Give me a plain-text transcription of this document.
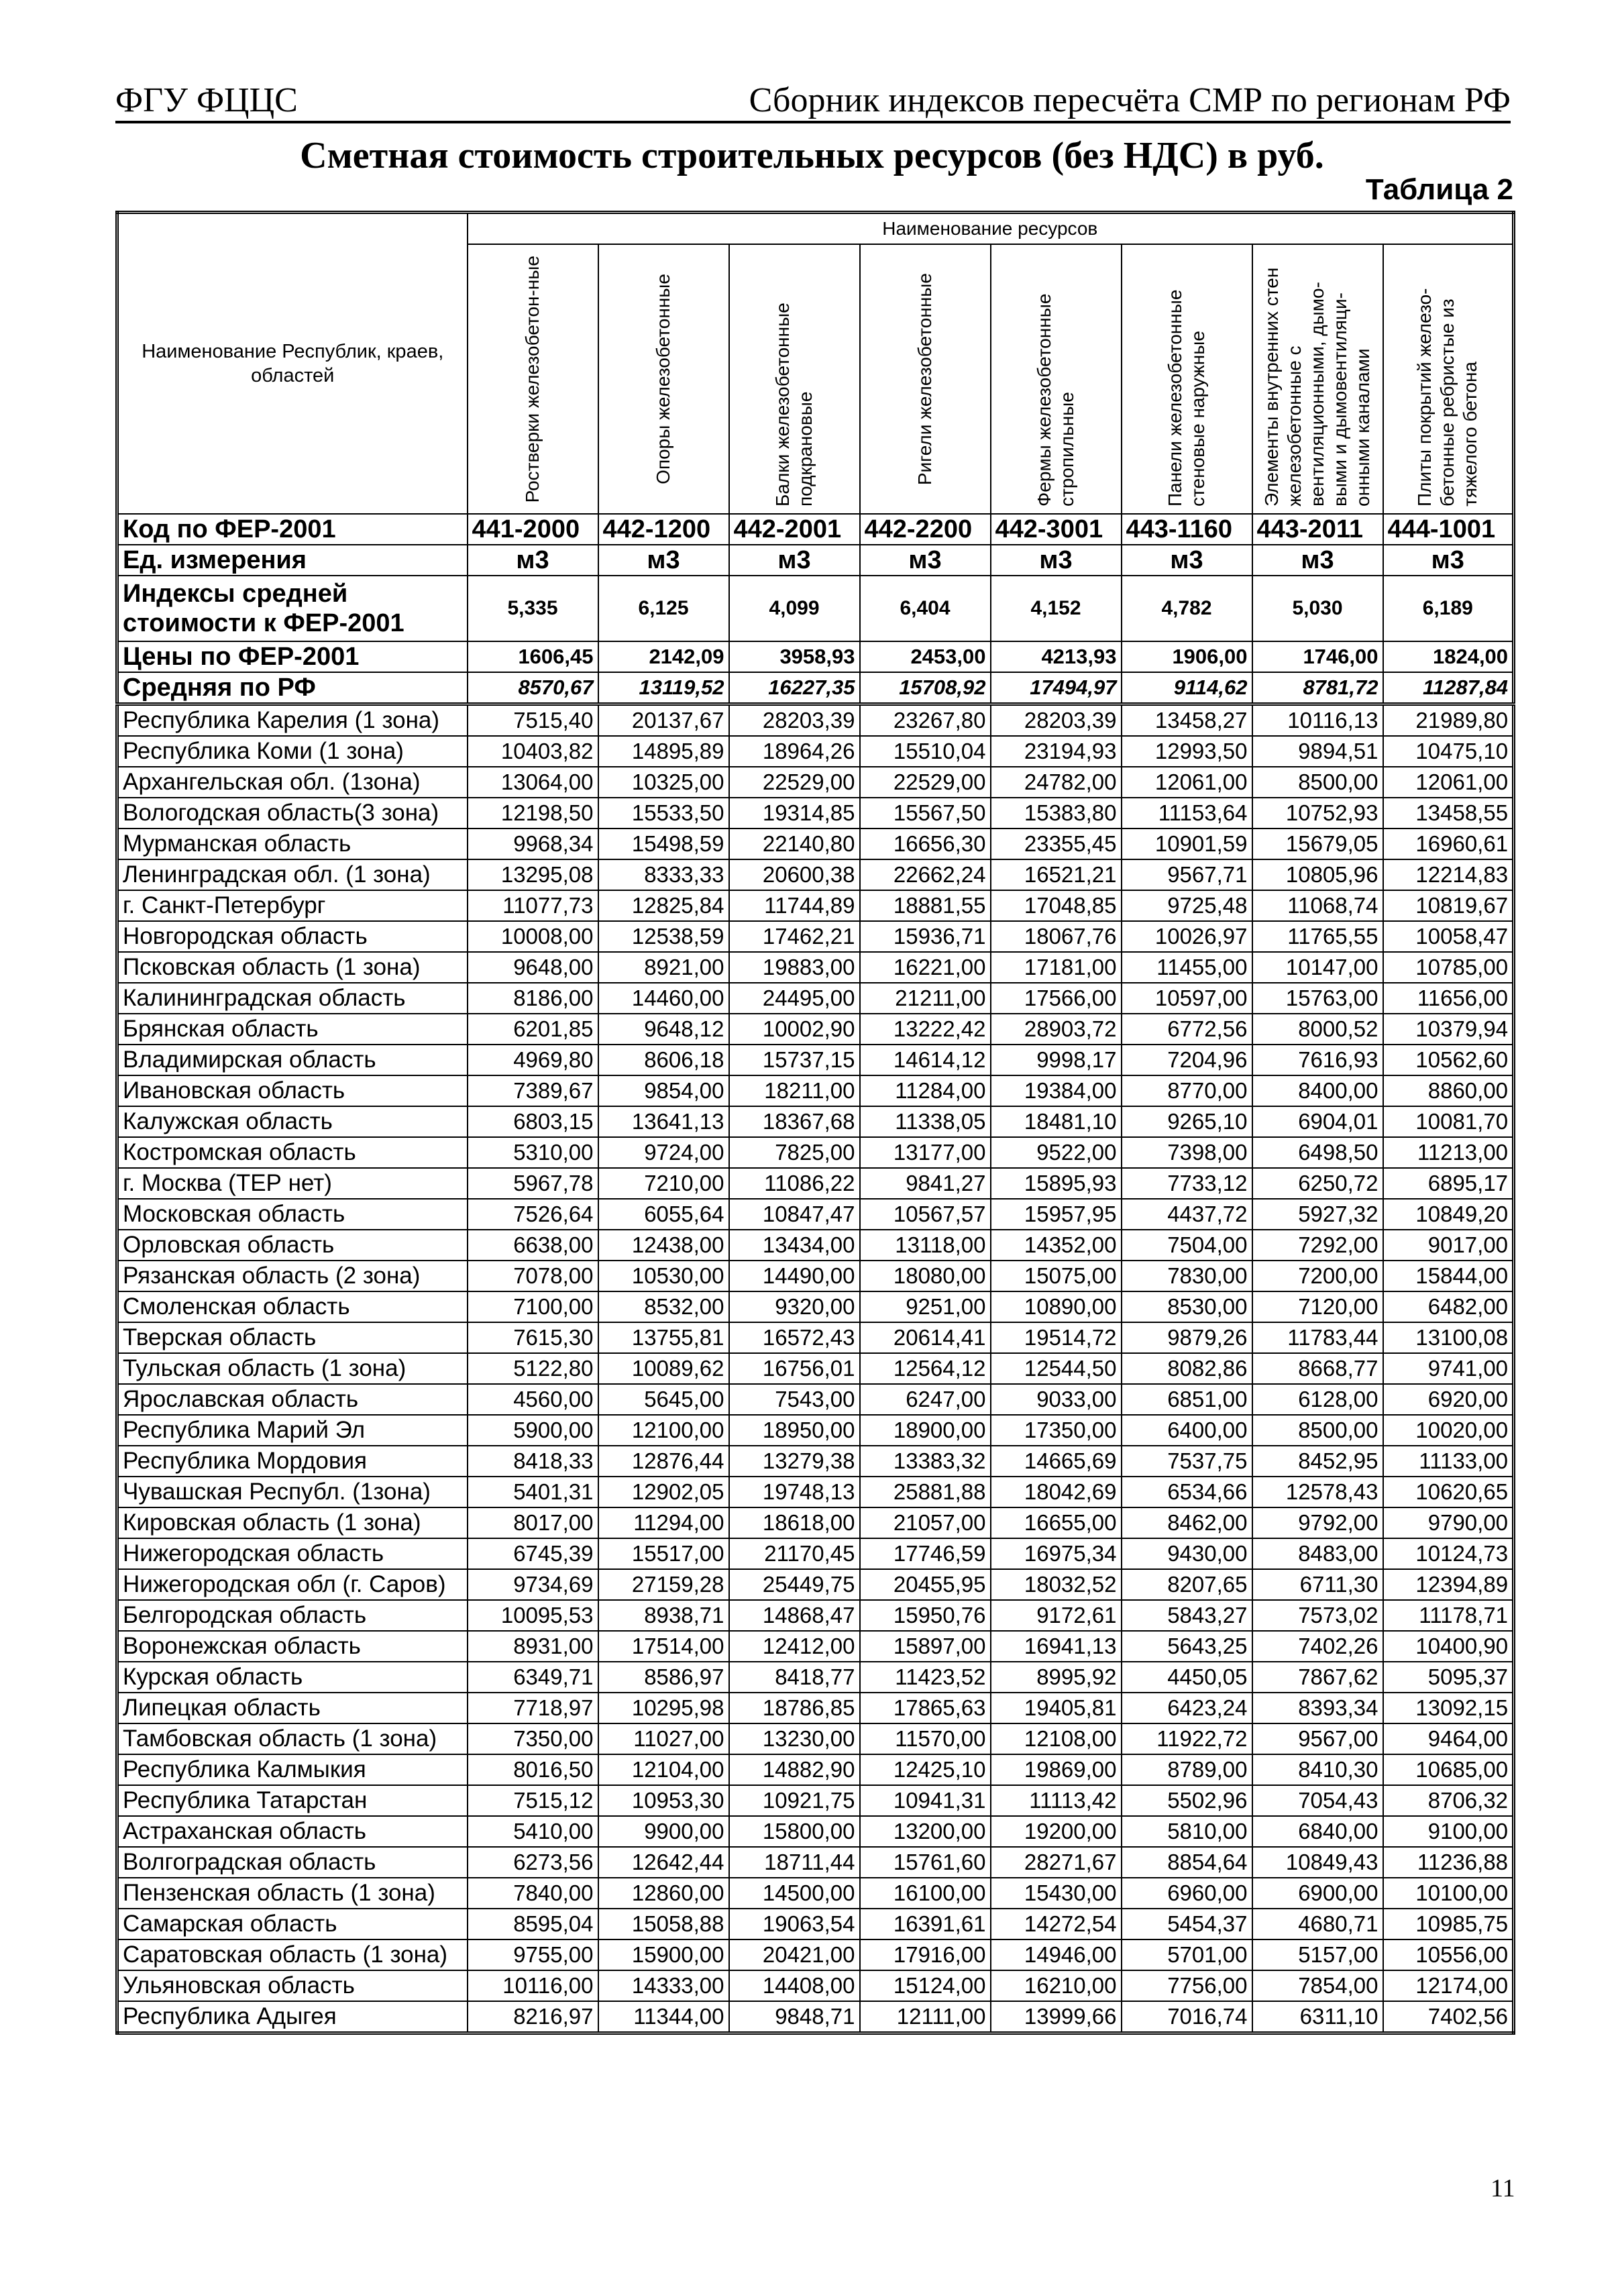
ФГУ ФЦЦС	Сборник индексов пересчёта СМР по регионам РФ
Сметная стоимость строительных ресурсов (без НДС) в руб.
Таблица 2
Наименование Республик, краев, областей	Наименование ресурсов							

	Ростверки железобетон-ные	Опоры железобетонные	Балки железобетонные подкрановые	Ригели железобетонные	Фермы железобетонные стропильные	Панели железобетонные стеновые наружные	Элементы внутренних стен железобетонные с вентиляционными, дымо-выми и дымовентиляци-онными каналами	Плиты покрытий железо-бетонные ребристые из тяжелого бетона

Код по ФЕР-2001	441-2000	442-1200	442-2001	442-2200	442-3001	443-1160	443-2011	444-1001
Ед. измерения	м3	м3	м3	м3	м3	м3	м3	м3
Индексы средней стоимости к ФЕР-2001	5,335	6,125	4,099	6,404	4,152	4,782	5,030	6,189
Цены по ФЕР-2001	1606,45	2142,09	3958,93	2453,00	4213,93	1906,00	1746,00	1824,00
Средняя по РФ	8570,67	13119,52	16227,35	15708,92	17494,97	9114,62	8781,72	11287,84
Республика Карелия (1 зона)	7515,40	20137,67	28203,39	23267,80	28203,39	13458,27	10116,13	21989,80
Республика Коми (1 зона)	10403,82	14895,89	18964,26	15510,04	23194,93	12993,50	9894,51	10475,10
Архангельская обл. (1зона)	13064,00	10325,00	22529,00	22529,00	24782,00	12061,00	8500,00	12061,00
Вологодская область(3 зона)	12198,50	15533,50	19314,85	15567,50	15383,80	11153,64	10752,93	13458,55
Мурманская область	9968,34	15498,59	22140,80	16656,30	23355,45	10901,59	15679,05	16960,61
Ленинградская обл. (1 зона)	13295,08	8333,33	20600,38	22662,24	16521,21	9567,71	10805,96	12214,83
г. Санкт-Петербург	11077,73	12825,84	11744,89	18881,55	17048,85	9725,48	11068,74	10819,67
Новгородская область	10008,00	12538,59	17462,21	15936,71	18067,76	10026,97	11765,55	10058,47
Псковская область (1 зона)	9648,00	8921,00	19883,00	16221,00	17181,00	11455,00	10147,00	10785,00
Калининградская область	8186,00	14460,00	24495,00	21211,00	17566,00	10597,00	15763,00	11656,00
Брянская область	6201,85	9648,12	10002,90	13222,42	28903,72	6772,56	8000,52	10379,94
Владимирская область	4969,80	8606,18	15737,15	14614,12	9998,17	7204,96	7616,93	10562,60
Ивановская область	7389,67	9854,00	18211,00	11284,00	19384,00	8770,00	8400,00	8860,00
Калужская область	6803,15	13641,13	18367,68	11338,05	18481,10	9265,10	6904,01	10081,70
Костромская область	5310,00	9724,00	7825,00	13177,00	9522,00	7398,00	6498,50	11213,00
г. Москва (ТЕР нет)	5967,78	7210,00	11086,22	9841,27	15895,93	7733,12	6250,72	6895,17
Московская область	7526,64	6055,64	10847,47	10567,57	15957,95	4437,72	5927,32	10849,20
Орловская область	6638,00	12438,00	13434,00	13118,00	14352,00	7504,00	7292,00	9017,00
Рязанская область (2 зона)	7078,00	10530,00	14490,00	18080,00	15075,00	7830,00	7200,00	15844,00
Смоленская область	7100,00	8532,00	9320,00	9251,00	10890,00	8530,00	7120,00	6482,00
Тверская область	7615,30	13755,81	16572,43	20614,41	19514,72	9879,26	11783,44	13100,08
Тульская область (1 зона)	5122,80	10089,62	16756,01	12564,12	12544,50	8082,86	8668,77	9741,00
Ярославская область	4560,00	5645,00	7543,00	6247,00	9033,00	6851,00	6128,00	6920,00
Республика Марий Эл	5900,00	12100,00	18950,00	18900,00	17350,00	6400,00	8500,00	10020,00
Республика Мордовия	8418,33	12876,44	13279,38	13383,32	14665,69	7537,75	8452,95	11133,00
Чувашская Республ. (1зона)	5401,31	12902,05	19748,13	25881,88	18042,69	6534,66	12578,43	10620,65
Кировская область (1 зона)	8017,00	11294,00	18618,00	21057,00	16655,00	8462,00	9792,00	9790,00
Нижегородская область	6745,39	15517,00	21170,45	17746,59	16975,34	9430,00	8483,00	10124,73
Нижегородская обл (г. Саров)	9734,69	27159,28	25449,75	20455,95	18032,52	8207,65	6711,30	12394,89
Белгородская область	10095,53	8938,71	14868,47	15950,76	9172,61	5843,27	7573,02	11178,71
Воронежская область	8931,00	17514,00	12412,00	15897,00	16941,13	5643,25	7402,26	10400,90
Курская область	6349,71	8586,97	8418,77	11423,52	8995,92	4450,05	7867,62	5095,37
Липецкая область	7718,97	10295,98	18786,85	17865,63	19405,81	6423,24	8393,34	13092,15
Тамбовская область (1 зона)	7350,00	11027,00	13230,00	11570,00	12108,00	11922,72	9567,00	9464,00
Республика Калмыкия	8016,50	12104,00	14882,90	12425,10	19869,00	8789,00	8410,30	10685,00
Республика Татарстан	7515,12	10953,30	10921,75	10941,31	11113,42	5502,96	7054,43	8706,32
Астраханская область	5410,00	9900,00	15800,00	13200,00	19200,00	5810,00	6840,00	9100,00
Волгоградская область	6273,56	12642,44	18711,44	15761,60	28271,67	8854,64	10849,43	11236,88
Пензенская область (1 зона)	7840,00	12860,00	14500,00	16100,00	15430,00	6960,00	6900,00	10100,00
Самарская область	8595,04	15058,88	19063,54	16391,61	14272,54	5454,37	4680,71	10985,75
Саратовская область (1 зона)	9755,00	15900,00	20421,00	17916,00	14946,00	5701,00	5157,00	10556,00
Ульяновская область	10116,00	14333,00	14408,00	15124,00	16210,00	7756,00	7854,00	12174,00
Республика Адыгея	8216,97	11344,00	9848,71	12111,00	13999,66	7016,74	6311,10	7402,56
11
